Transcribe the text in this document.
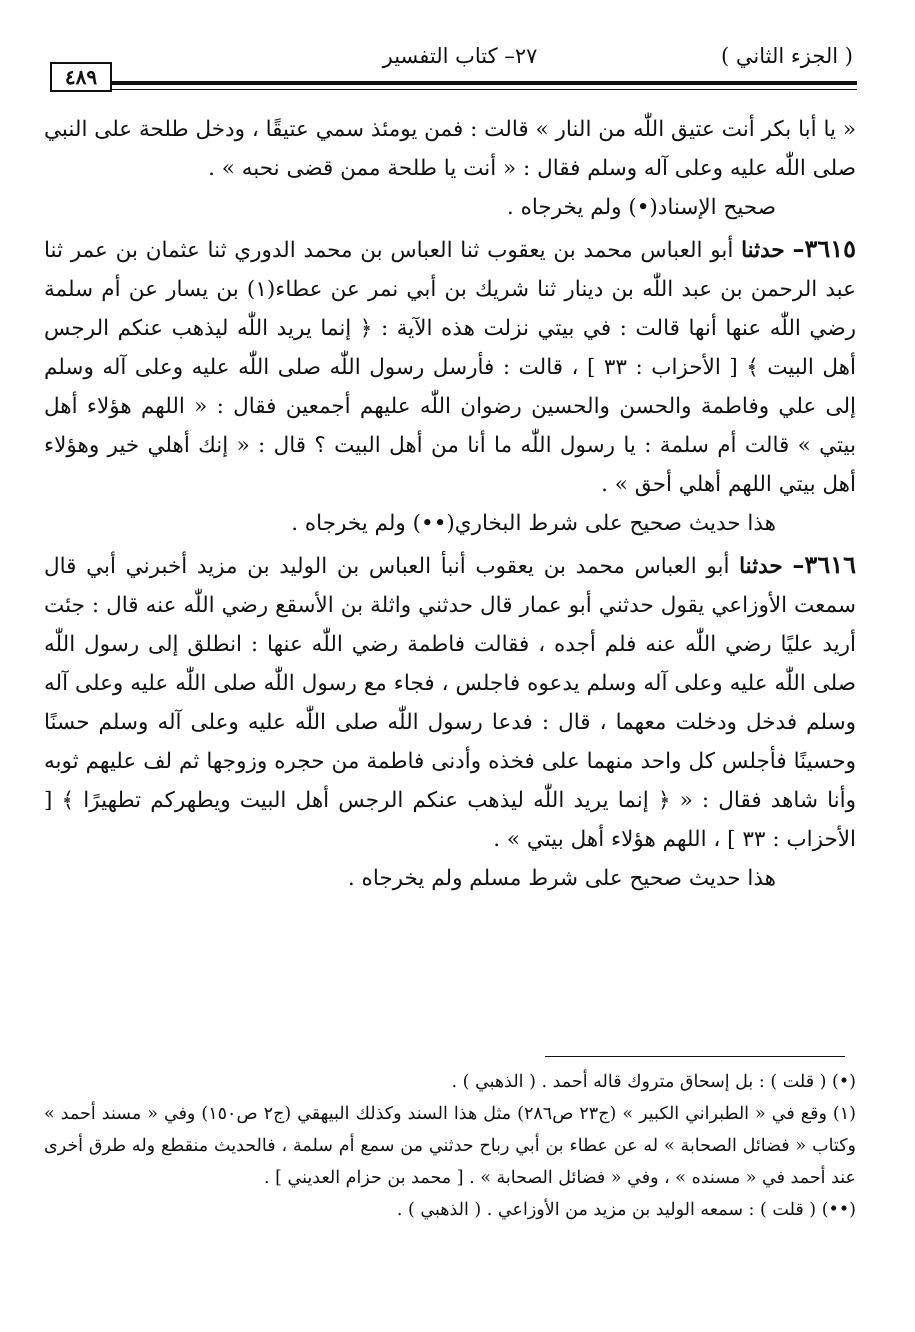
( الجزء الثاني )
٢٧– كتاب التفسير
٤٨٩

« يا أبا بكر أنت عتيق اللّٰه من النار » قالت : فمن يومئذ سمي عتيقًا ، ودخل طلحة على النبي صلى اللّٰه عليه وعلى آله وسلم فقال : « أنت يا طلحة ممن قضى نحبه » .

صحيح الإسناد(•) ولم يخرجاه .

٣٦١٥– حدثنا أبو العباس محمد بن يعقوب ثنا العباس بن محمد الدوري ثنا عثمان بن عمر ثنا عبد الرحمن بن عبد اللّٰه بن دينار ثنا شريك بن أبي نمر عن عطاء(١) بن يسار عن أم سلمة رضي اللّٰه عنها أنها قالت : في بيتي نزلت هذه الآية : ﴿ إنما يريد اللّٰه ليذهب عنكم الرجس أهل البيت ﴾ [ الأحزاب : ٣٣ ] ، قالت : فأرسل رسول اللّٰه صلى اللّٰه عليه وعلى آله وسلم إلى علي وفاطمة والحسن والحسين رضوان اللّٰه عليهم أجمعين فقال : « اللهم هؤلاء أهل بيتي » قالت أم سلمة : يا رسول اللّٰه ما أنا من أهل البيت ؟ قال : « إنك أهلي خير وهؤلاء أهل بيتي اللهم أهلي أحق » .

هذا حديث صحيح على شرط البخاري(••) ولم يخرجاه .

٣٦١٦– حدثنا أبو العباس محمد بن يعقوب أنبأ العباس بن الوليد بن مزيد أخبرني أبي قال سمعت الأوزاعي يقول حدثني أبو عمار قال حدثني واثلة بن الأسقع رضي اللّٰه عنه قال : جئت أريد عليًا رضي اللّٰه عنه فلم أجده ، فقالت فاطمة رضي اللّٰه عنها : انطلق إلى رسول اللّٰه صلى اللّٰه عليه وعلى آله وسلم يدعوه فاجلس ، فجاء مع رسول اللّٰه صلى اللّٰه عليه وعلى آله وسلم فدخل ودخلت معهما ، قال : فدعا رسول اللّٰه صلى اللّٰه عليه وعلى آله وسلم حسنًا وحسينًا فأجلس كل واحد منهما على فخذه وأدنى فاطمة من حجره وزوجها ثم لف عليهم ثوبه وأنا شاهد فقال : « ﴿ إنما يريد اللّٰه ليذهب عنكم الرجس أهل البيت ويطهركم تطهيرًا ﴾ [ الأحزاب : ٣٣ ] ، اللهم هؤلاء أهل بيتي » .

هذا حديث صحيح على شرط مسلم ولم يخرجاه .

(•) ( قلت ) : بل إسحاق متروك قاله أحمد . ( الذهبي ) .

(١) وقع في « الطبراني الكبير » (ج٢٣ ص٢٨٦) مثل هذا السند وكذلك البيهقي (ج٢ ص١٥٠) وفي « مسند أحمد » وكتاب « فضائل الصحابة » له عن عطاء بن أبي رباح حدثني من سمع أم سلمة ، فالحديث منقطع وله طرق أخرى عند أحمد في « مسنده » ، وفي « فضائل الصحابة » . [ محمد بن حزام العديني ] .

(••) ( قلت ) : سمعه الوليد بن مزيد من الأوزاعي . ( الذهبي ) .
